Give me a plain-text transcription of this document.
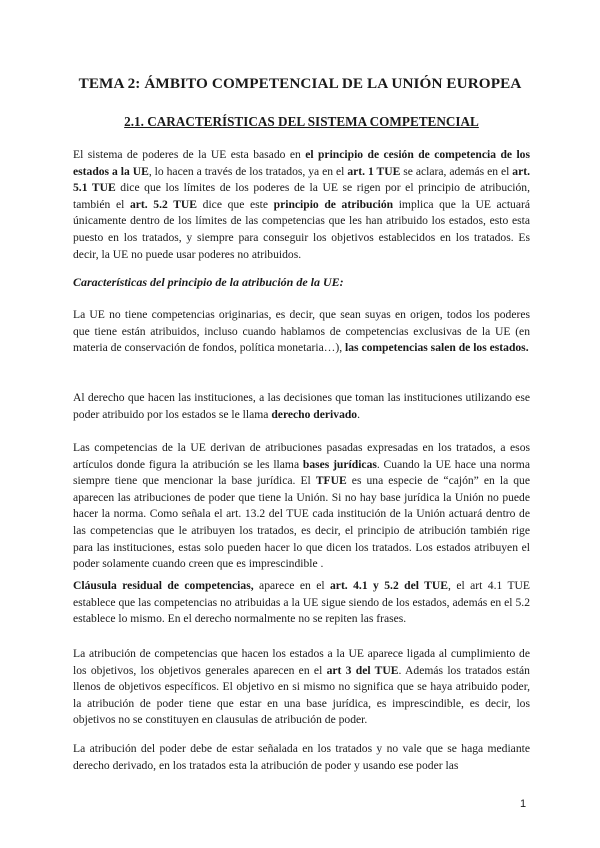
TEMA 2: ÁMBITO COMPETENCIAL DE LA UNIÓN EUROPEA
2.1. CARACTERÍSTICAS DEL SISTEMA COMPETENCIAL

El sistema de poderes de la UE esta basado en el principio de cesión de competencia de los estados a la UE, lo hacen a través de los tratados, ya en el art. 1 TUE se aclara, además en el art. 5.1 TUE dice que los límites de los poderes de la UE se rigen por el principio de atribución, también el art. 5.2 TUE dice que este principio de atribución implica que la UE actuará únicamente dentro de los límites de las competencias que les han atribuido los estados, esto esta puesto en los tratados, y siempre para conseguir los objetivos establecidos en los tratados. Es decir, la UE no puede usar poderes no atribuidos.

Características del principio de la atribución de la UE:

La UE no tiene competencias originarias, es decir, que sean suyas en origen, todos los poderes que tiene están atribuidos, incluso cuando hablamos de competencias exclusivas de la UE (en materia de conservación de fondos, política monetaria…), las competencias salen de los estados.

Al derecho que hacen las instituciones, a las decisiones que toman las instituciones utilizando ese poder atribuido por los estados se le llama derecho derivado.

Las competencias de la UE derivan de atribuciones pasadas expresadas en los tratados, a esos artículos donde figura la atribución se les llama bases jurídicas. Cuando la UE hace una norma siempre tiene que mencionar la base jurídica. El TFUE es una especie de “cajón” en la que aparecen las atribuciones de poder que tiene la Unión. Si no hay base jurídica la Unión no puede hacer la norma. Como señala el art. 13.2 del TUE cada institución de la Unión actuará dentro de las competencias que le atribuyen los tratados, es decir, el principio de atribución también rige para las instituciones, estas solo pueden hacer lo que dicen los tratados. Los estados atribuyen el poder solamente cuando creen que es imprescindible .

Cláusula residual de competencias, aparece en el art. 4.1 y 5.2 del TUE, el art 4.1 TUE establece que las competencias no atribuidas a la UE sigue siendo de los estados, además en el 5.2 establece lo mismo. En el derecho normalmente no se repiten las frases.

La atribución de competencias que hacen los estados a la UE aparece ligada al cumplimiento de los objetivos, los objetivos generales aparecen en el art 3 del TUE. Además los tratados están llenos de objetivos específicos. El objetivo en si mismo no significa que se haya atribuido poder, la atribución de poder tiene que estar en una base jurídica, es imprescindible, es decir, los objetivos no se constituyen en clausulas de atribución de poder.

La atribución del poder debe de estar señalada en los tratados y no vale que se haga mediante derecho derivado, en los tratados esta la atribución de poder y usando ese poder las

1
